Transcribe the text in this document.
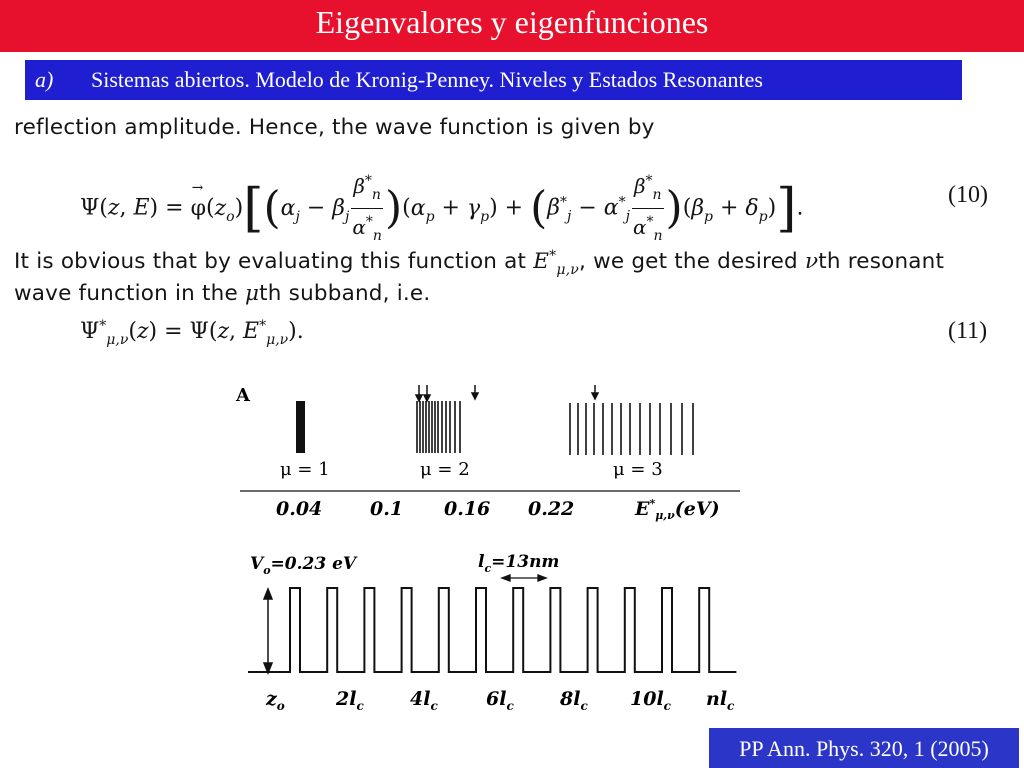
Eigenvalores y eigenfunciones
a) Sistemas abiertos. Modelo de Kronig-Penney. Niveles y Estados Resonantes
reflection amplitude. Hence, the wave function is given by
Ψ(z, E) = φ
→
$(z_o)[(\alpha_j - \beta_j \frac{\beta^*_n}{\alpha^*_n} )(\alpha_p + \gamma_p) + (\beta^*_j - \alpha^*_j \frac{\beta^*_n}{\alpha^*_n} )(\beta_p + \delta_p)]$.	(10)
It is obvious that by evaluating this function at $E^*_{\mu,\nu}$, we get the desired νth resonant
wave function in the μth subband, i.e.
$\Psi^*_{\mu,\nu}(z) = \Psi(z$, $E^*_{\mu,\nu}$).	(11)
A
μ = 1	μ = 2	μ = 3
0.04	0.1 0.16 0.22	$E^*_{\mu,\nu}(eV)$
$V_o=0.23$ eV	$l_c=13nm$
$z_o$	$2l_c$ $4l_c$	$6l_c$ $8l_c$ $10l_c$ $nl_c$
PP Ann. Phys. 320, 1 (2005)
